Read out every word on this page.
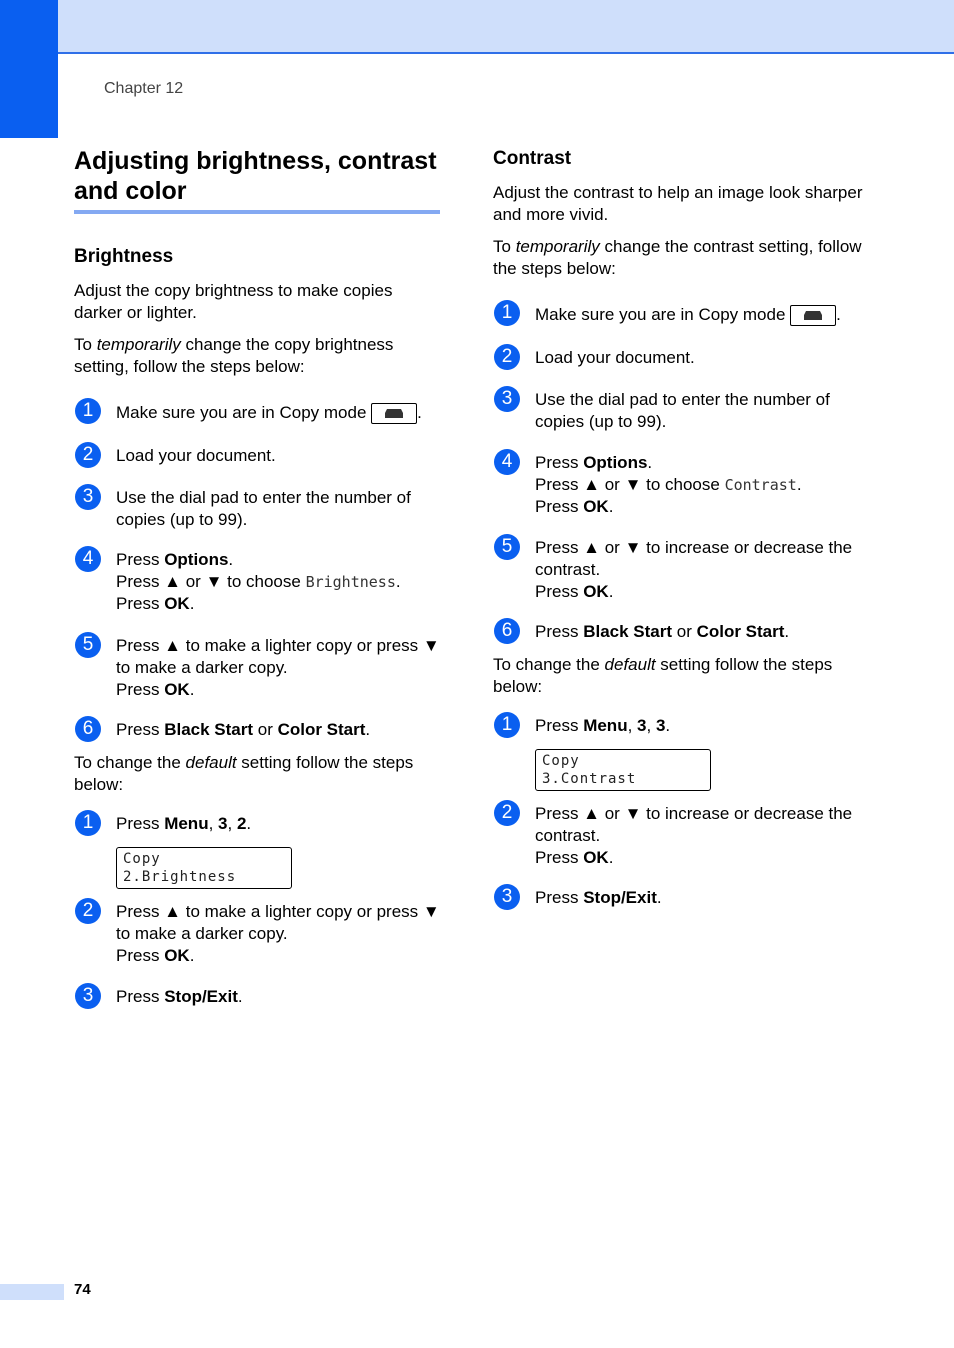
Chapter 12
Adjusting brightness, contrast and color
Brightness
Adjust the copy brightness to make copies darker or lighter.
To temporarily change the copy brightness setting, follow the steps below:
1	Make sure you are in Copy mode	.
2	Load your document.
3	Use the dial pad to enter the number of copies (up to 99).
4	Press Options.
Press ▲ or ▼ to choose Brightness.
Press OK.
5	Press ▲ to make a lighter copy or press ▼ to make a darker copy.
Press OK.
6	Press Black Start or Color Start.
To change the default setting follow the steps below:
1	Press Menu, 3, 2.
Copy
2.Brightness
2	Press ▲ to make a lighter copy or press ▼ to make a darker copy.
Press OK.
3	Press Stop/Exit.
Contrast
Adjust the contrast to help an image look sharper and more vivid.
To temporarily change the contrast setting, follow the steps below:
1	Make sure you are in Copy mode	.
2	Load your document.
3	Use the dial pad to enter the number of copies (up to 99).
4	Press Options.
Press ▲ or ▼ to choose Contrast.
Press OK.
5	Press ▲ or ▼ to increase or decrease the contrast.
Press OK.
6	Press Black Start or Color Start.
To change the default setting follow the steps below:
1	Press Menu, 3, 3.
Copy
3.Contrast
2	Press ▲ or ▼ to increase or decrease the contrast.
Press OK.
3	Press Stop/Exit.
74
